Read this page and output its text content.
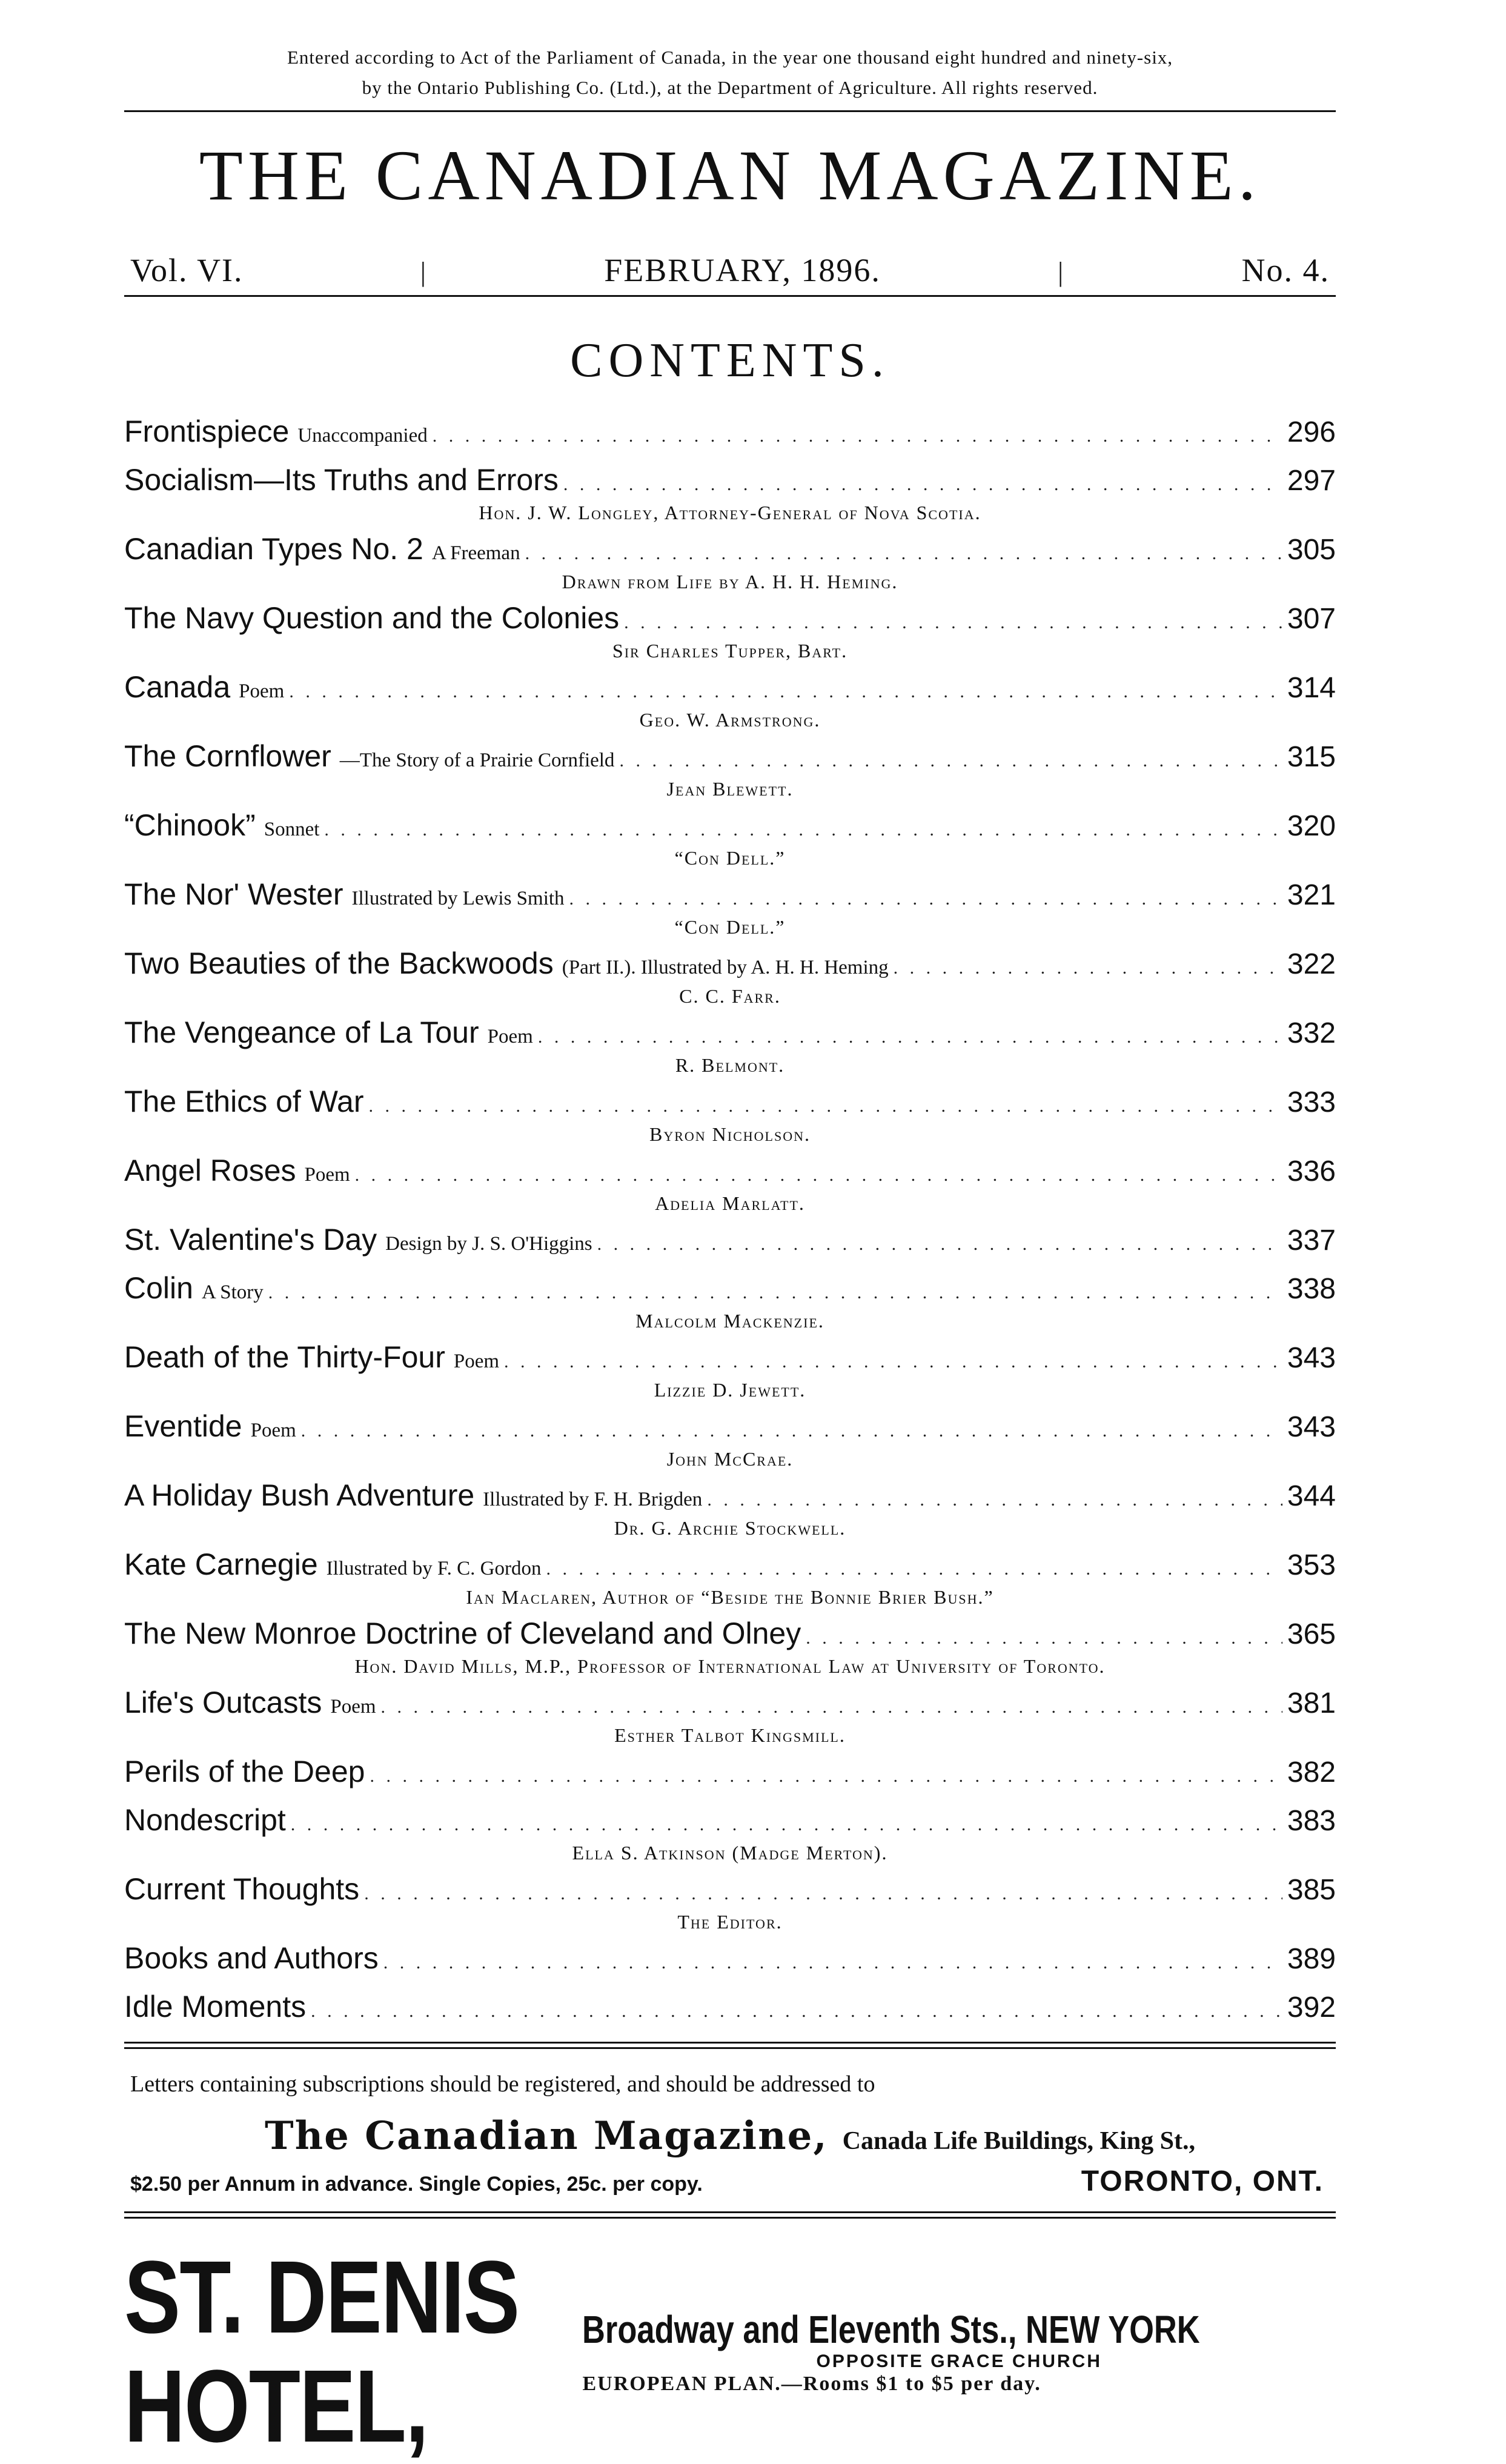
Entered according to Act of the Parliament of Canada, in the year one thousand eight hundred and ninety-six,
by the Ontario Publishing Co. (Ltd.), at the Department of Agriculture. All rights reserved.
THE CANADIAN MAGAZINE.
Vol. VI.	|	FEBRUARY, 1896.	|	No. 4.
CONTENTS.
Frontispiece Unaccompanied . . .	296
Socialism—Its Truths and Errors . . .	297
Hon. J. W. Longley, Attorney-General of Nova Scotia.
Canadian Types No. 2 A Freeman . . .	305
Drawn from Life by A. H. H. Heming.
The Navy Question and the Colonies . . .	307
Sir Charles Tupper, Bart.
Canada Poem . . .	314
Geo. W. Armstrong.
The Cornflower —The Story of a Prairie Cornfield . . .	315
Jean Blewett.
“Chinook” Sonnet . . .	320
“Con Dell.”
The Nor' Wester Illustrated by Lewis Smith . . .	321
“Con Dell.”
Two Beauties of the Backwoods (Part II.). Illustrated by A. H. H. Heming . . .	322
C. C. Farr.
The Vengeance of La Tour Poem . . .	332
R. Belmont.
The Ethics of War . . .	333
Byron Nicholson.
Angel Roses Poem . . .	336
Adelia Marlatt.
St. Valentine's Day Design by J. S. O'Higgins . . .	337
Colin A Story . . .	338
Malcolm Mackenzie.
Death of the Thirty-Four Poem . . .	343
Lizzie D. Jewett.
Eventide Poem . . .	343
John McCrae.
A Holiday Bush Adventure Illustrated by F. H. Brigden . . .	344
Dr. G. Archie Stockwell.
Kate Carnegie Illustrated by F. C. Gordon . . .	353
Ian Maclaren, Author of “Beside the Bonnie Brier Bush.”
The New Monroe Doctrine of Cleveland and Olney . . .	365
Hon. David Mills, M.P., Professor of International Law at University of Toronto.
Life's Outcasts Poem . . .	381
Esther Talbot Kingsmill.
Perils of the Deep . . .	382
Nondescript . . .	383
Ella S. Atkinson (Madge Merton).
Current Thoughts . . .	385
The Editor.
Books and Authors . . .	389
Idle Moments . . .	392
Letters containing subscriptions should be registered, and should be addressed to
The Canadian Magazine, Canada Life Buildings, King St.,
$2.50 per Annum in advance. Single Copies, 25c. per copy.	TORONTO, ONT.
ST. DENIS HOTEL,
Broadway and Eleventh Sts., NEW YORK
OPPOSITE GRACE CHURCH
EUROPEAN PLAN.—Rooms $1 to $5 per day.
